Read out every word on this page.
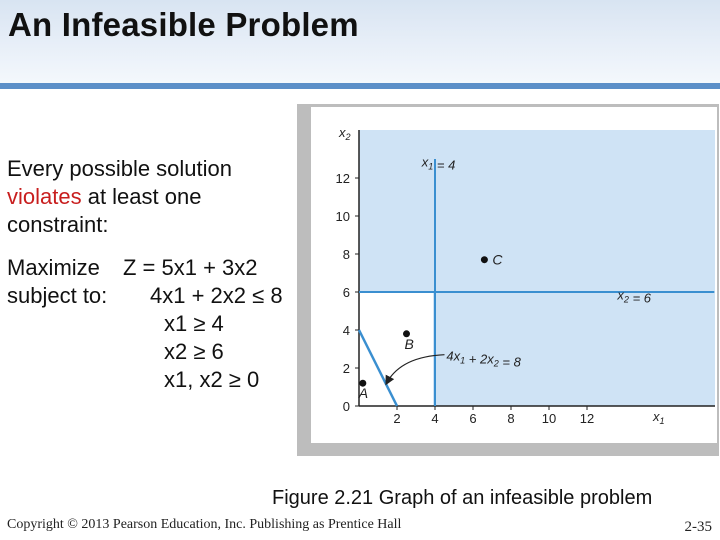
An Infeasible Problem
Every possible solution violates at least one constraint:
Maximize Z = 5x1 + 3x2
subject to: 4x1 + 2x2 ≤ 8
x1 ≥ 4
x2 ≥ 6
x1, x2 ≥ 0
2 4 6 8 10 12
0
2
4
6
8
10
12
$x_1 = 4$
$x_2 = 6$
$4x_1 + 2x_2 = 8$
A
B
C
$x_1$
$x_2$
Figure 2.21 Graph of an infeasible problem
Copyright © 2013 Pearson Education, Inc. Publishing as Prentice Hall	2-35
